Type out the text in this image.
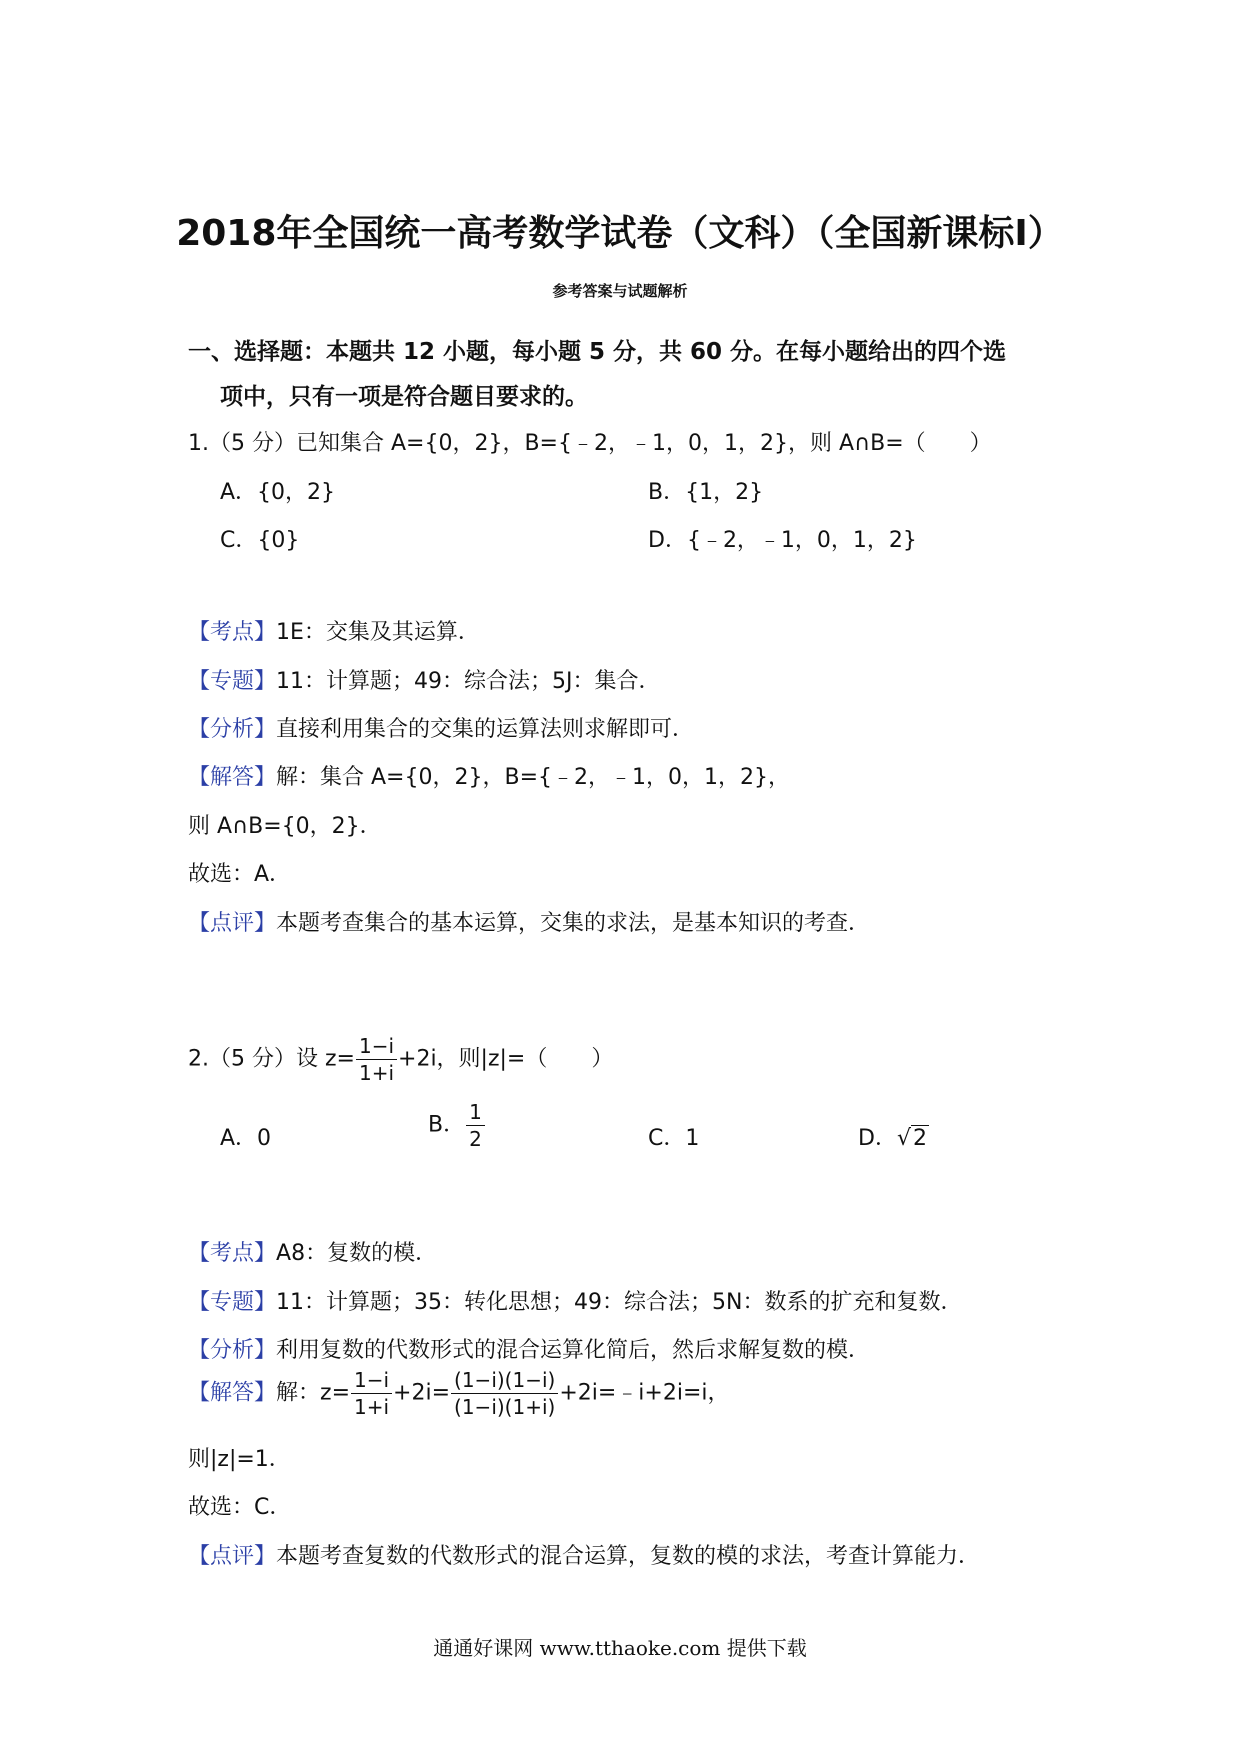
2018年全国统一高考数学试卷（文科）（全国新课标Ⅰ）
参考答案与试题解析
一、选择题：本题共 12 小题，每小题 5 分，共 60 分。在每小题给出的四个选
项中，只有一项是符合题目要求的。
1.（5 分）已知集合 A={0，2}，B={﹣2，﹣1，0，1，2}，则 A∩B=（　　）
A．{0，2}	B．{1，2}
C．{0}	D．{﹣2，﹣1，0，1，2}
【考点】1E：交集及其运算．
【专题】11：计算题；49：综合法；5J：集合．
【分析】直接利用集合的交集的运算法则求解即可．
【解答】解：集合 A={0，2}，B={﹣2，﹣1，0，1，2}，
则 A∩B={0，2}．
故选：A．
【点评】本题考查集合的基本运算，交集的求法，是基本知识的考查．
2.（5 分）设 $z= \frac{1-i}{1+i} +2i$，则|z|=（　　）
A．0
B． $\frac{1}{2}$	C．1	D．√2
【考点】A8：复数的模．
【专题】11：计算题；35：转化思想；49：综合法；5N：数系的扩充和复数．
【分析】利用复数的代数形式的混合运算化简后，然后求解复数的模．
【解答】解：$z= \frac{1-i}{1+i} +2i= \frac{(1-i)(1-i)}{(1-i)(1+i)}$ +2i=﹣i+2i=i，
则|z|=1．
故选：C．
【点评】本题考查复数的代数形式的混合运算，复数的模的求法，考查计算能力．
通通好课网 www.tthaoke.com 提供下载
